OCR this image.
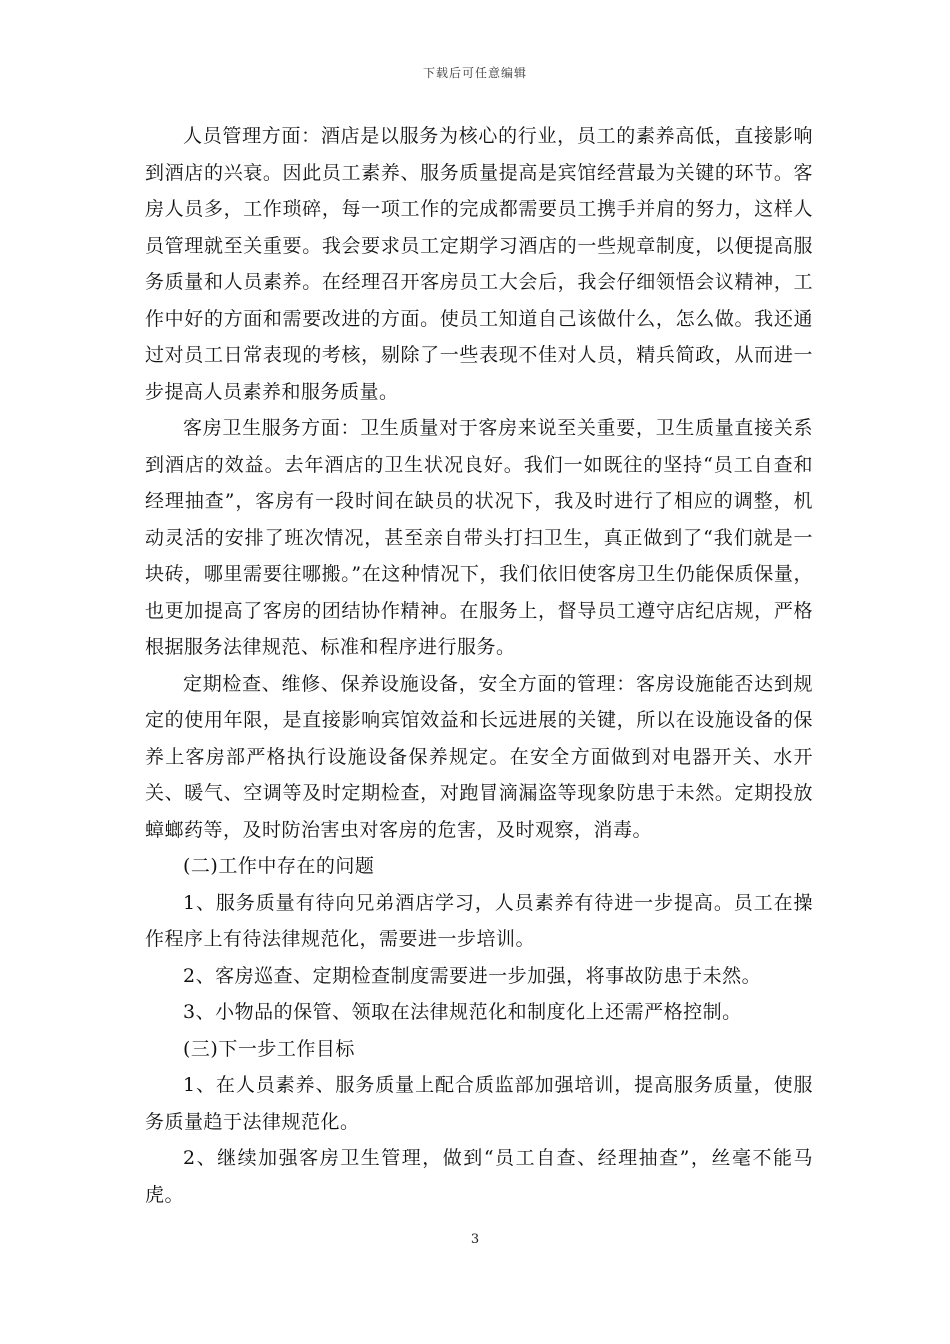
下载后可任意编辑

人员管理方面：酒店是以服务为核心的行业，员工的素养高低，直接影响到酒店的兴衰。因此员工素养、服务质量提高是宾馆经营最为关键的环节。客房人员多，工作琐碎，每一项工作的完成都需要员工携手并肩的努力，这样人员管理就至关重要。我会要求员工定期学习酒店的一些规章制度，以便提高服务质量和人员素养。在经理召开客房员工大会后，我会仔细领悟会议精神，工作中好的方面和需要改进的方面。使员工知道自己该做什么，怎么做。我还通过对员工日常表现的考核，剔除了一些表现不佳对人员，精兵简政，从而进一步提高人员素养和服务质量。

客房卫生服务方面：卫生质量对于客房来说至关重要，卫生质量直接关系到酒店的效益。去年酒店的卫生状况良好。我们一如既往的坚持“员工自查和经理抽查”，客房有一段时间在缺员的状况下，我及时进行了相应的调整，机动灵活的安排了班次情况，甚至亲自带头打扫卫生，真正做到了“我们就是一块砖，哪里需要往哪搬。”在这种情况下，我们依旧使客房卫生仍能保质保量，也更加提高了客房的团结协作精神。在服务上，督导员工遵守店纪店规，严格根据服务法律规范、标准和程序进行服务。

定期检查、维修、保养设施设备，安全方面的管理：客房设施能否达到规定的使用年限，是直接影响宾馆效益和长远进展的关键，所以在设施设备的保养上客房部严格执行设施设备保养规定。在安全方面做到对电器开关、水开关、暖气、空调等及时定期检查，对跑冒滴漏盗等现象防患于未然。定期投放蟑螂药等，及时防治害虫对客房的危害，及时观察，消毒。

(二)工作中存在的问题

1、服务质量有待向兄弟酒店学习，人员素养有待进一步提高。员工在操作程序上有待法律规范化，需要进一步培训。

2、客房巡查、定期检查制度需要进一步加强，将事故防患于未然。

3、小物品的保管、领取在法律规范化和制度化上还需严格控制。

(三)下一步工作目标

1、在人员素养、服务质量上配合质监部加强培训，提高服务质量，使服务质量趋于法律规范化。

2、继续加强客房卫生管理，做到“员工自查、经理抽查”，丝毫不能马虎。

3
